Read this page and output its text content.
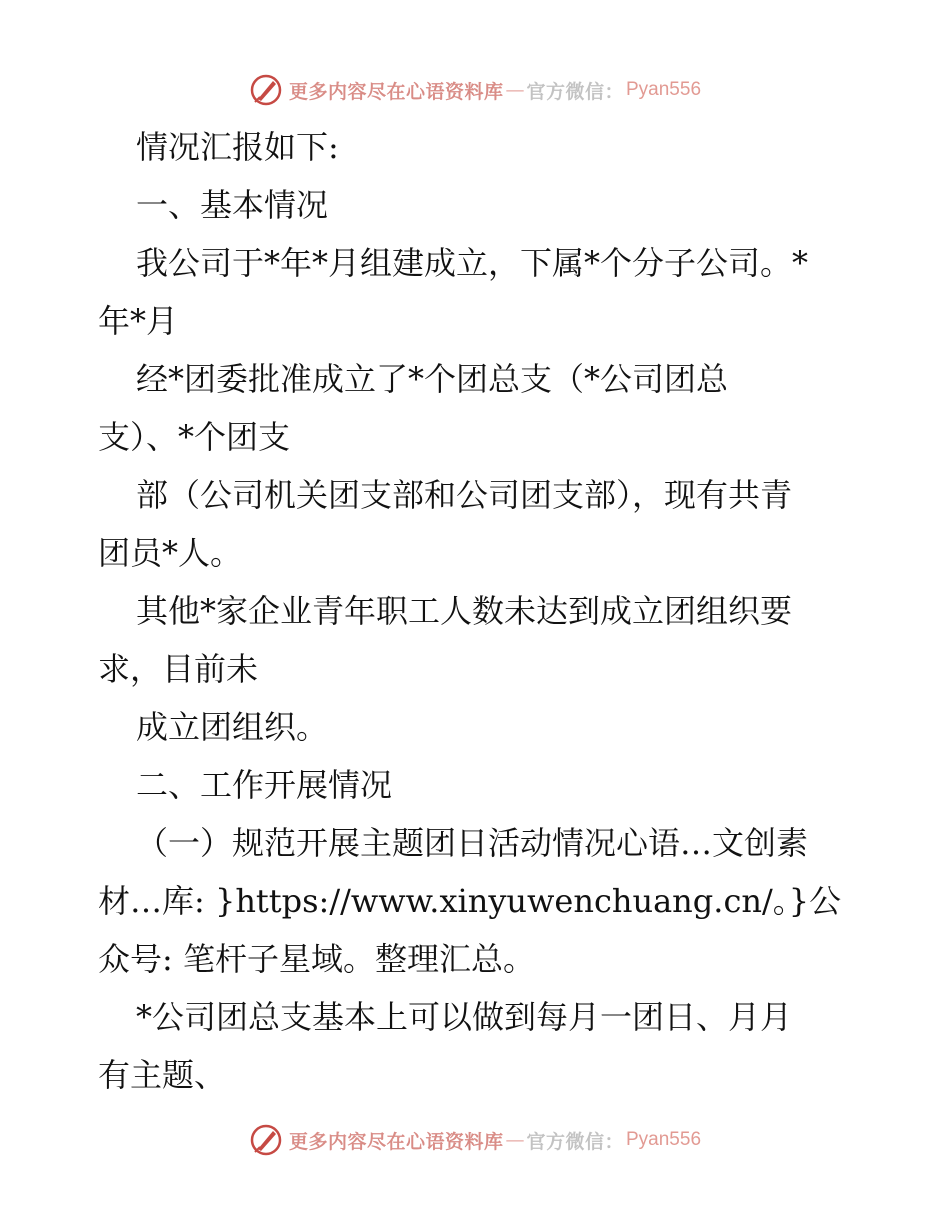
更多内容尽在心语资料库 — 官方微信： Pyan556
情况汇报如下:
一、基本情况
我公司于*年*月组建成立，下属*个分子公司。*
年*月
经*团委批准成立了*个团总支（*公司团总
支）、*个团支
部（公司机关团支部和公司团支部），现有共青
团员*人。
其他*家企业青年职工人数未达到成立团组织要
求，目前未
成立团组织。
二、工作开展情况
（一）规范开展主题团日活动情况心语…文创素
材…库: }https://www.xinyuwenchuang.cn/。}公
众号: 笔杆子星域。整理汇总。
*公司团总支基本上可以做到每月一团日、月月
有主题、
更多内容尽在心语资料库 — 官方微信： Pyan556
